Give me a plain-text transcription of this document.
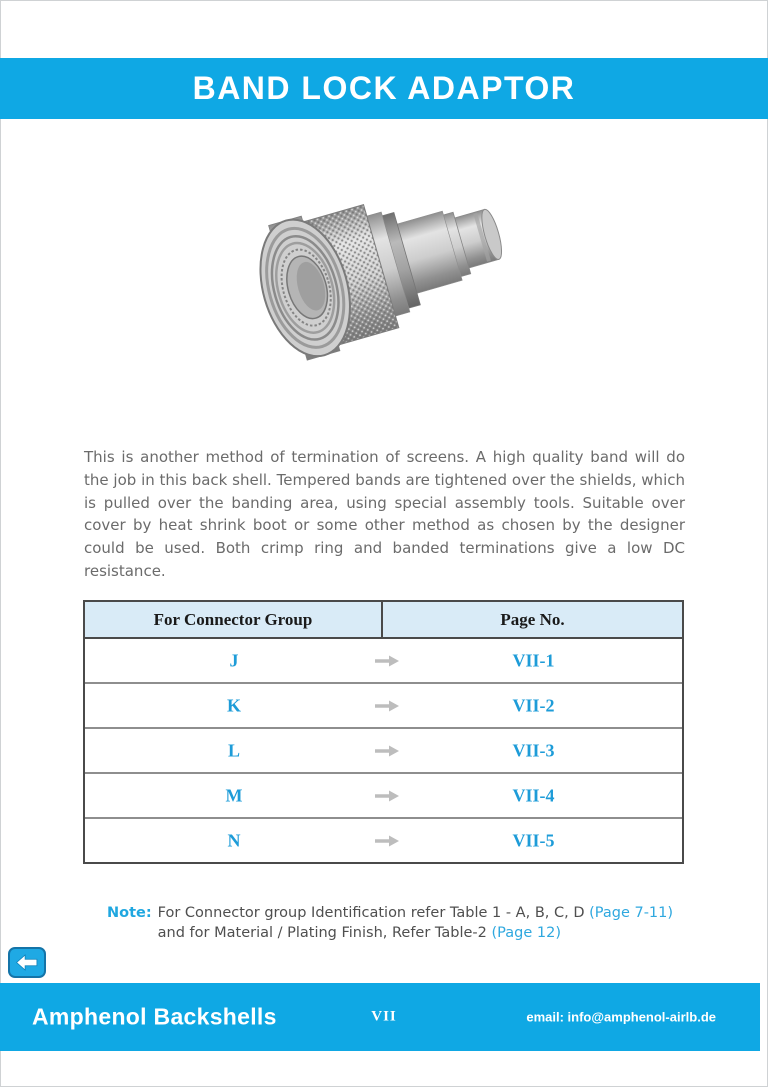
BAND LOCK ADAPTOR

This is another method of termination of screens. A high quality band will do the job in this back shell. Tempered bands are tightened over the shields, which is pulled over the banding area, using special assembly tools. Suitable over cover by heat shrink boot or some other method as chosen by the designer could be used. Both crimp ring and banded terminations give a low DC resistance.

For Connector Group	Page No.
J	VII-1
K	VII-2
L	VII-3
M	VII-4
N	VII-5
Note: For Connector group Identification refer Table 1 - A, B, C, D (Page 7-11)
and for Material / Plating Finish, Refer Table-2 (Page 12)
Amphenol Backshells	VII	email: info@amphenol-airlb.de
